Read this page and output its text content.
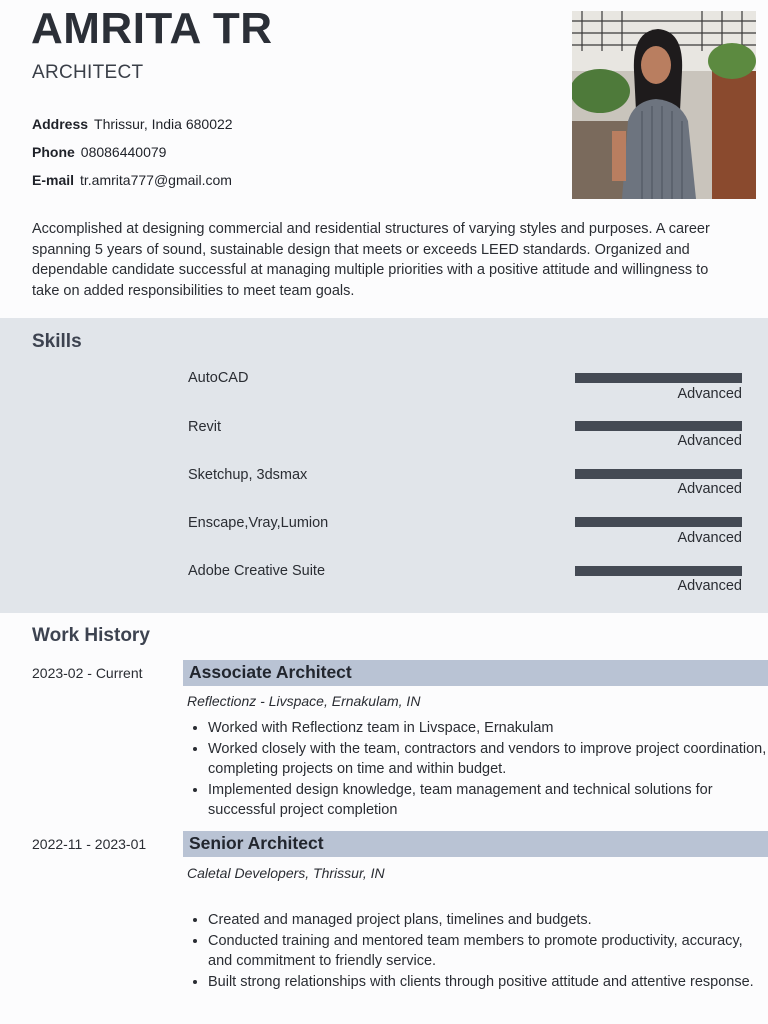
AMRITA TR
ARCHITECT
Address Thrissur, India 680022
Phone 08086440079
E-mail tr.amrita777@gmail.com
Accomplished at designing commercial and residential structures of varying styles and purposes. A career spanning 5 years of sound, sustainable design that meets or exceeds LEED standards. Organized and dependable candidate successful at managing multiple priorities with a positive attitude and willingness to take on added responsibilities to meet team goals.
Skills
AutoCAD
Advanced
Revit
Advanced
Sketchup, 3dsmax
Advanced
Enscape,Vray,Lumion
Advanced
Adobe Creative Suite
Advanced
Work History
2023-02 - Current	Associate Architect
Reflectionz - Livspace, Ernakulam, IN
• Worked with Reflectionz team in Livspace, Ernakulam
• Worked closely with the team, contractors and vendors to improve project coordination, completing projects on time and within budget.
• Implemented design knowledge, team management and technical solutions for successful project completion
2022-11 - 2023-01 Senior Architect
Caletal Developers, Thrissur, IN
• Created and managed project plans, timelines and budgets.
• Conducted training and mentored team members to promote productivity, accuracy, and commitment to friendly service.
• Built strong relationships with clients through positive attitude and attentive response.
